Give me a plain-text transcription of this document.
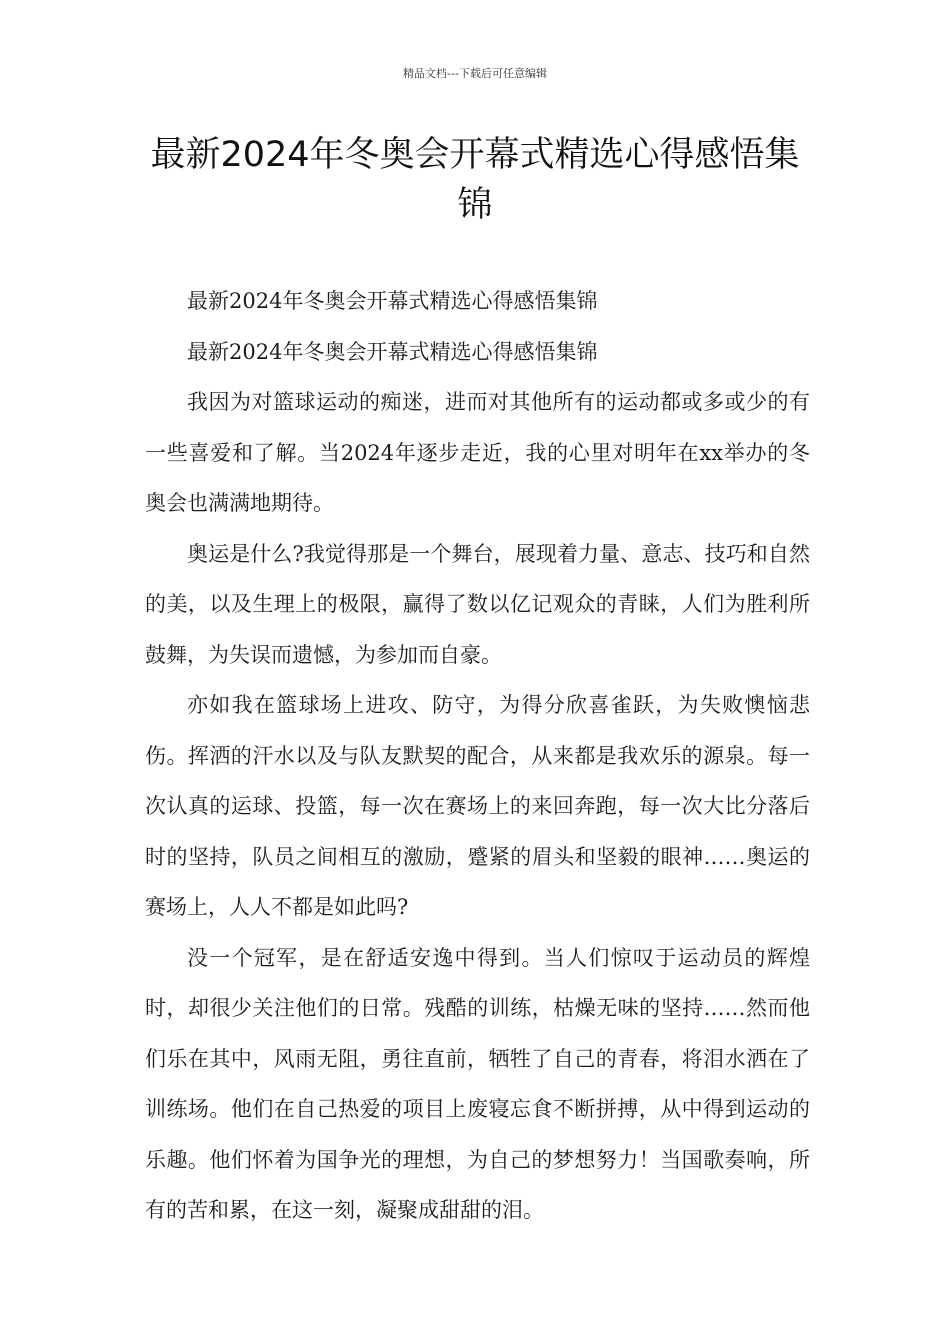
精品文档---下载后可任意编辑
最新2024年冬奥会开幕式精选心得感悟集锦

最新2024年冬奥会开幕式精选心得感悟集锦

最新2024年冬奥会开幕式精选心得感悟集锦

我因为对篮球运动的痴迷，进而对其他所有的运动都或多或少的有一些喜爱和了解。当2024年逐步走近，我的心里对明年在xx举办的冬奥会也满满地期待。

奥运是什么?我觉得那是一个舞台，展现着力量、意志、技巧和自然的美，以及生理上的极限，赢得了数以亿记观众的青睐，人们为胜利所鼓舞，为失误而遗憾，为参加而自豪。

亦如我在篮球场上进攻、防守，为得分欣喜雀跃，为失败懊恼悲伤。挥洒的汗水以及与队友默契的配合，从来都是我欢乐的源泉。每一次认真的运球、投篮，每一次在赛场上的来回奔跑，每一次大比分落后时的坚持，队员之间相互的激励，蹙紧的眉头和坚毅的眼神……奥运的赛场上，人人不都是如此吗?

没一个冠军，是在舒适安逸中得到。当人们惊叹于运动员的辉煌时，却很少关注他们的日常。残酷的训练，枯燥无味的坚持……然而他们乐在其中，风雨无阻，勇往直前，牺牲了自己的青春，将泪水洒在了训练场。他们在自己热爱的项目上废寝忘食不断拼搏，从中得到运动的乐趣。他们怀着为国争光的理想，为自己的梦想努力！当国歌奏响，所有的苦和累，在这一刻，凝聚成甜甜的泪。
